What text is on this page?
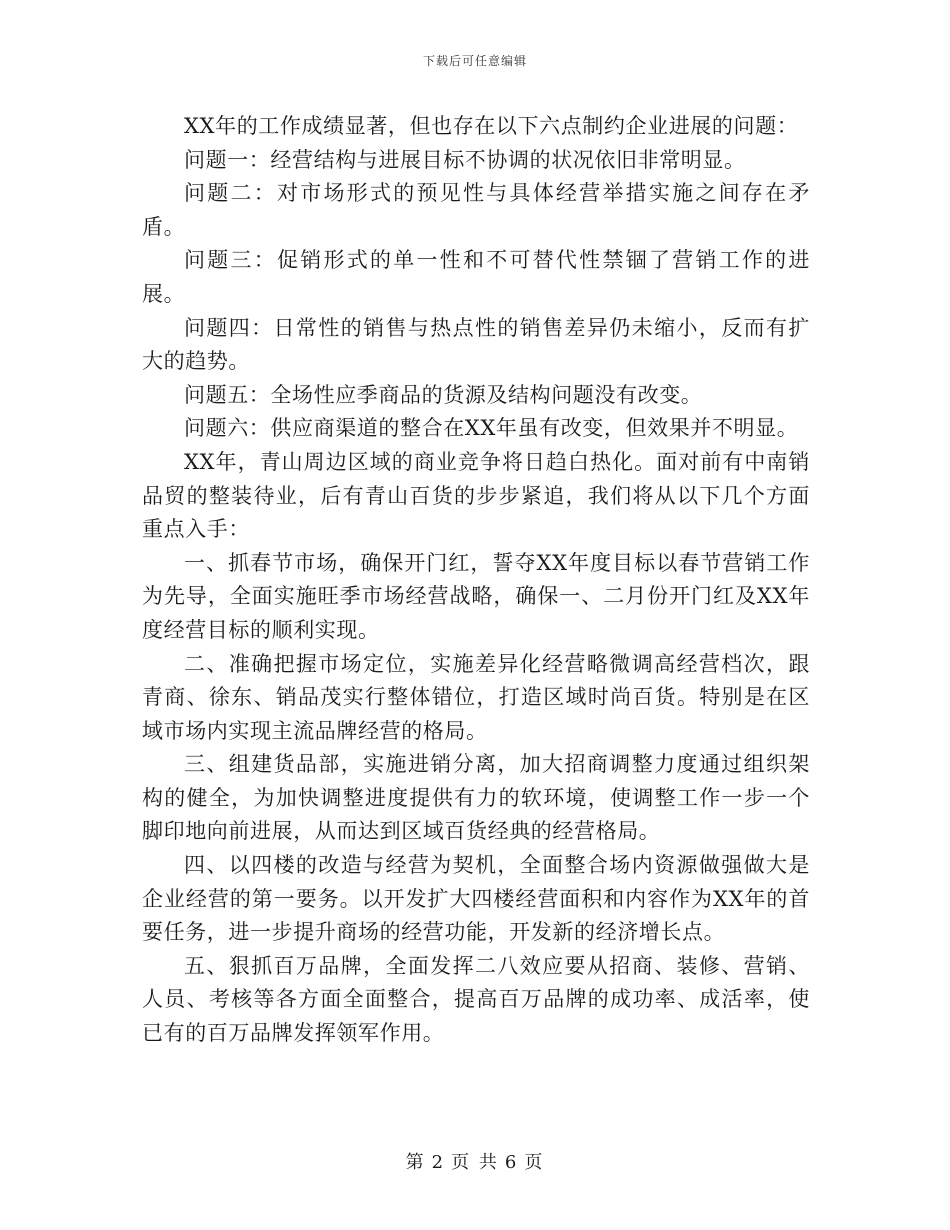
下载后可任意编辑

XX年的工作成绩显著，但也存在以下六点制约企业进展的问题：

问题一：经营结构与进展目标不协调的状况依旧非常明显。

问题二：对市场形式的预见性与具体经营举措实施之间存在矛盾。

问题三：促销形式的单一性和不可替代性禁锢了营销工作的进展。

问题四：日常性的销售与热点性的销售差异仍未缩小，反而有扩大的趋势。

问题五：全场性应季商品的货源及结构问题没有改变。

问题六：供应商渠道的整合在XX年虽有改变，但效果并不明显。

XX年，青山周边区域的商业竞争将日趋白热化。面对前有中南销品贸的整装待业，后有青山百货的步步紧追，我们将从以下几个方面重点入手：

一、抓春节市场，确保开门红，誓夺XX年度目标以春节营销工作为先导，全面实施旺季市场经营战略，确保一、二月份开门红及XX年度经营目标的顺利实现。

二、准确把握市场定位，实施差异化经营略微调高经营档次，跟青商、徐东、销品茂实行整体错位，打造区域时尚百货。特别是在区域市场内实现主流品牌经营的格局。

三、组建货品部，实施进销分离，加大招商调整力度通过组织架构的健全，为加快调整进度提供有力的软环境，使调整工作一步一个脚印地向前进展，从而达到区域百货经典的经营格局。

四、以四楼的改造与经营为契机，全面整合场内资源做强做大是企业经营的第一要务。以开发扩大四楼经营面积和内容作为XX年的首要任务，进一步提升商场的经营功能，开发新的经济增长点。

五、狠抓百万品牌，全面发挥二八效应要从招商、装修、营销、人员、考核等各方面全面整合，提高百万品牌的成功率、成活率，使已有的百万品牌发挥领军作用。

第 2 页 共 6 页
